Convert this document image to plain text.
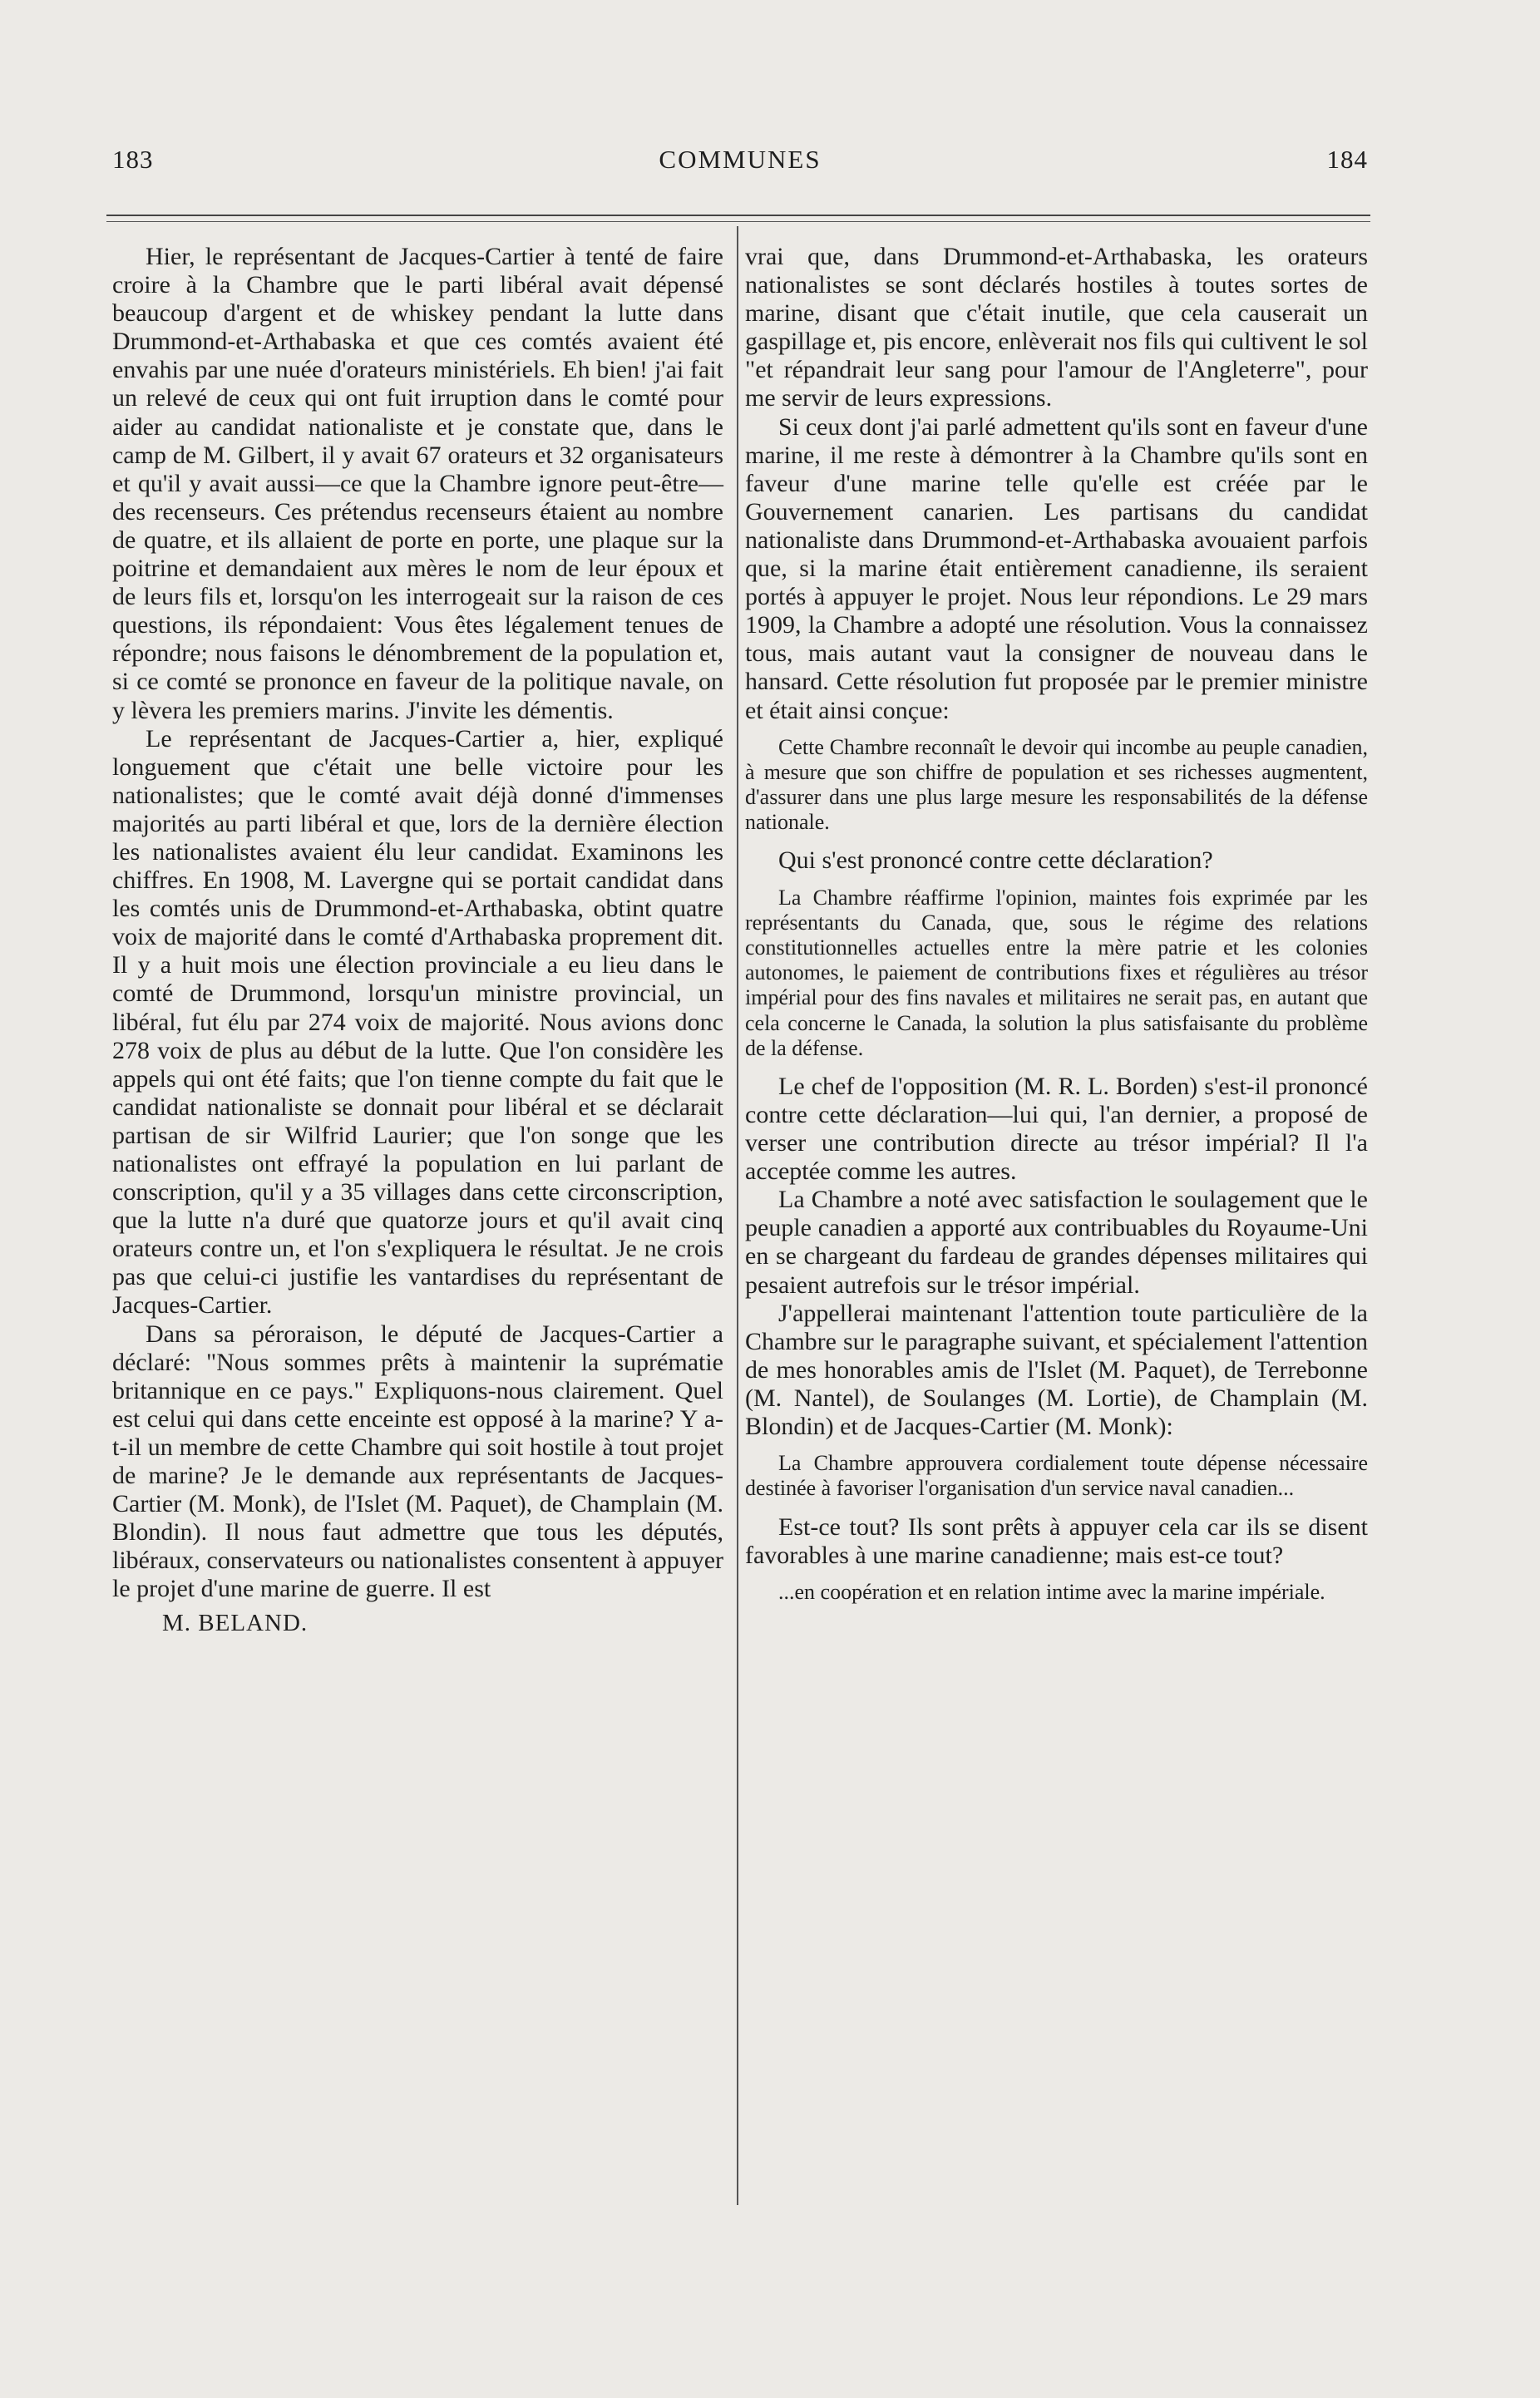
183	COMMUNES	184

Hier, le représentant de Jacques-Cartier à tenté de faire croire à la Chambre que le parti libéral avait dépensé beaucoup d'argent et de whiskey pendant la lutte dans Drummond-et-Arthabaska et que ces comtés avaient été envahis par une nuée d'orateurs ministériels. Eh bien! j'ai fait un relevé de ceux qui ont fuit irruption dans le comté pour aider au candidat nationaliste et je constate que, dans le camp de M. Gilbert, il y avait 67 orateurs et 32 organisateurs et qu'il y avait aussi—ce que la Chambre ignore peut-être—des recenseurs. Ces prétendus recenseurs étaient au nombre de quatre, et ils allaient de porte en porte, une plaque sur la poitrine et demandaient aux mères le nom de leur époux et de leurs fils et, lorsqu'on les interrogeait sur la raison de ces questions, ils répondaient: Vous êtes légalement tenues de répondre; nous faisons le dénombrement de la population et, si ce comté se prononce en faveur de la politique navale, on y lèvera les premiers marins. J'invite les démentis.

Le représentant de Jacques-Cartier a, hier, expliqué longuement que c'était une belle victoire pour les nationalistes; que le comté avait déjà donné d'immenses majorités au parti libéral et que, lors de la dernière élection les nationalistes avaient élu leur candidat. Examinons les chiffres. En 1908, M. Lavergne qui se portait candidat dans les comtés unis de Drummond-et-Arthabaska, obtint quatre voix de majorité dans le comté d'Arthabaska proprement dit. Il y a huit mois une élection provinciale a eu lieu dans le comté de Drummond, lorsqu'un ministre provincial, un libéral, fut élu par 274 voix de majorité. Nous avions donc 278 voix de plus au début de la lutte. Que l'on considère les appels qui ont été faits; que l'on tienne compte du fait que le candidat nationaliste se donnait pour libéral et se déclarait partisan de sir Wilfrid Laurier; que l'on songe que les nationalistes ont effrayé la population en lui parlant de conscription, qu'il y a 35 villages dans cette circonscription, que la lutte n'a duré que quatorze jours et qu'il avait cinq orateurs contre un, et l'on s'expliquera le résultat. Je ne crois pas que celui-ci justifie les vantardises du représentant de Jacques-Cartier.

Dans sa péroraison, le député de Jacques-Cartier a déclaré: "Nous sommes prêts à maintenir la suprématie britannique en ce pays." Expliquons-nous clairement. Quel est celui qui dans cette enceinte est opposé à la marine? Y a-t-il un membre de cette Chambre qui soit hostile à tout projet de marine? Je le demande aux représentants de Jacques-Cartier (M. Monk), de l'Islet (M. Paquet), de Champlain (M. Blondin). Il nous faut admettre que tous les députés, libéraux, conservateurs ou nationalistes consentent à appuyer le projet d'une marine de guerre. Il est

M. BELAND.

vrai que, dans Drummond-et-Arthabaska, les orateurs nationalistes se sont déclarés hostiles à toutes sortes de marine, disant que c'était inutile, que cela causerait un gaspillage et, pis encore, enlèverait nos fils qui cultivent le sol "et répandrait leur sang pour l'amour de l'Angleterre", pour me servir de leurs expressions.

Si ceux dont j'ai parlé admettent qu'ils sont en faveur d'une marine, il me reste à démontrer à la Chambre qu'ils sont en faveur d'une marine telle qu'elle est créée par le Gouvernement canarien. Les partisans du candidat nationaliste dans Drummond-et-Arthabaska avouaient parfois que, si la marine était entièrement canadienne, ils seraient portés à appuyer le projet. Nous leur répondions. Le 29 mars 1909, la Chambre a adopté une résolution. Vous la connaissez tous, mais autant vaut la consigner de nouveau dans le hansard. Cette résolution fut proposée par le premier ministre et était ainsi conçue:

Cette Chambre reconnaît le devoir qui incombe au peuple canadien, à mesure que son chiffre de population et ses richesses augmentent, d'assurer dans une plus large mesure les responsabilités de la défense nationale.

Qui s'est prononcé contre cette déclaration?

La Chambre réaffirme l'opinion, maintes fois exprimée par les représentants du Canada, que, sous le régime des relations constitutionnelles actuelles entre la mère patrie et les colonies autonomes, le paiement de contributions fixes et régulières au trésor impérial pour des fins navales et militaires ne serait pas, en autant que cela concerne le Canada, la solution la plus satisfaisante du problème de la défense.

Le chef de l'opposition (M. R. L. Borden) s'est-il prononcé contre cette déclaration—lui qui, l'an dernier, a proposé de verser une contribution directe au trésor impérial? Il l'a acceptée comme les autres.

La Chambre a noté avec satisfaction le soulagement que le peuple canadien a apporté aux contribuables du Royaume-Uni en se chargeant du fardeau de grandes dépenses militaires qui pesaient autrefois sur le trésor impérial.

J'appellerai maintenant l'attention toute particulière de la Chambre sur le paragraphe suivant, et spécialement l'attention de mes honorables amis de l'Islet (M. Paquet), de Terrebonne (M. Nantel), de Soulanges (M. Lortie), de Champlain (M. Blondin) et de Jacques-Cartier (M. Monk):

La Chambre approuvera cordialement toute dépense nécessaire destinée à favoriser l'organisation d'un service naval canadien...

Est-ce tout? Ils sont prêts à appuyer cela car ils se disent favorables à une marine canadienne; mais est-ce tout?

...en coopération et en relation intime avec la marine impériale.
